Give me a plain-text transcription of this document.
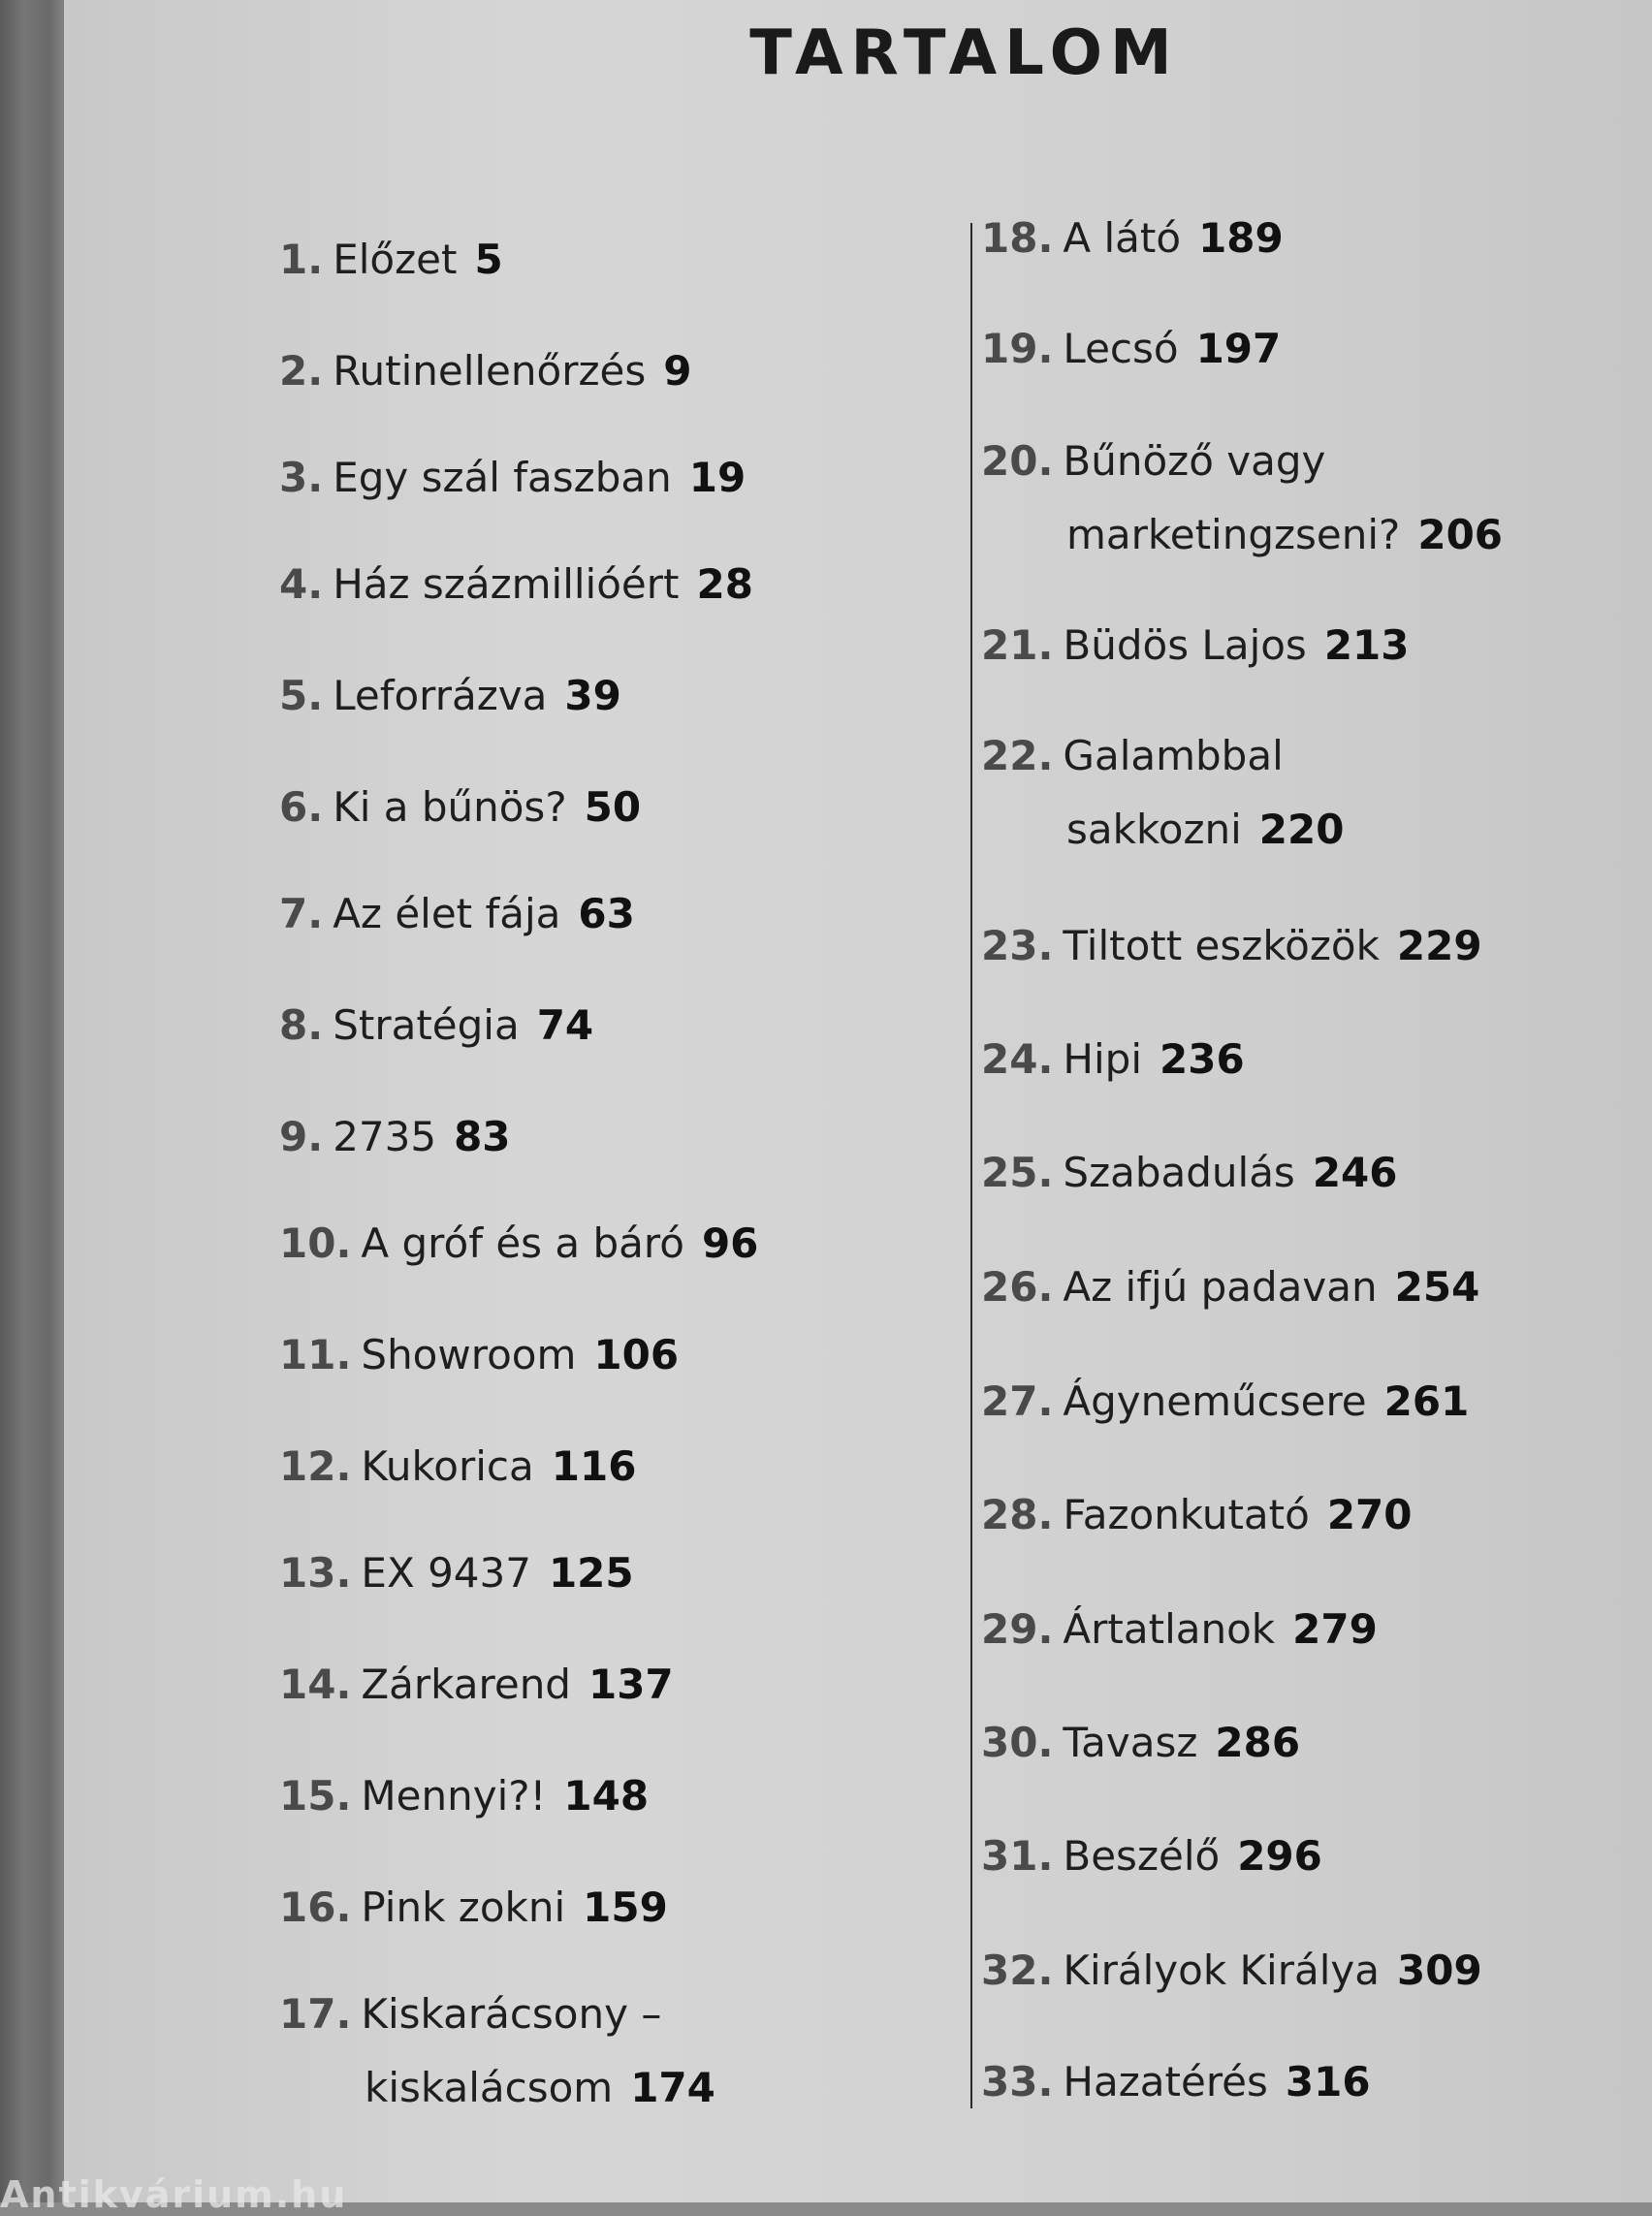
TARTALOM
1. Előzet 5
2. Rutinellenőrzés 9
3. Egy szál faszban 19
4. Ház százmillióért 28
5. Leforrázva 39
6. Ki a bűnös? 50
7. Az élet fája 63
8. Stratégia 74
9. 2735 83
10. A gróf és a báró 96
11. Showroom 106
12. Kukorica 116
13. EX 9437 125
14. Zárkarend 137
15. Mennyi?! 148
16. Pink zokni 159
17. Kiskarácsony –
kiskalácsom 174
18. A látó 189
19. Lecsó 197
20. Bűnöző vagy
marketingzseni? 206
21. Büdös Lajos 213
22. Galambbal
sakkozni 220
23. Tiltott eszközök 229
24. Hipi 236
25. Szabadulás 246
26. Az ifjú padavan 254
27. Ágyneműcsere 261
28. Fazonkutató 270
29. Ártatlanok 279
30. Tavasz 286
31. Beszélő 296
32. Királyok Királya 309
33. Hazatérés 316
Antikvárium.hu
